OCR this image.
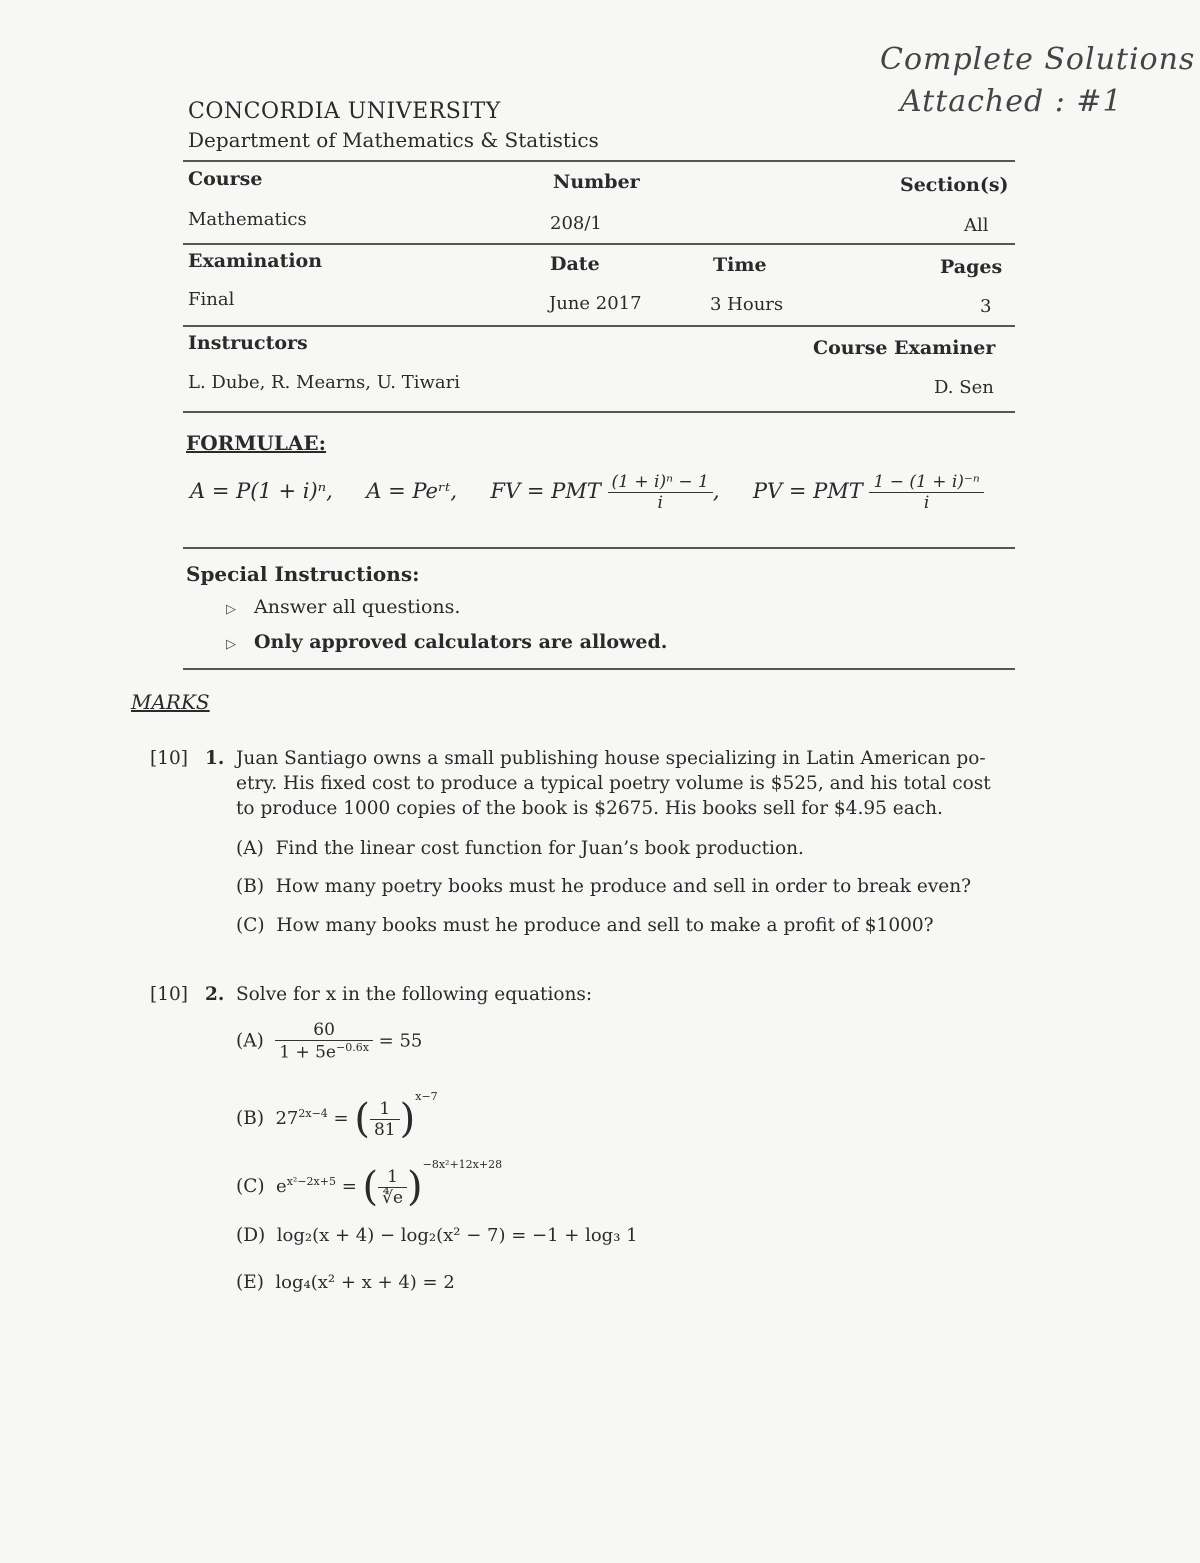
Complete Solutions
Attached : #1
CONCORDIA UNIVERSITY
Department of Mathematics & Statistics
Course	Number	Section(s)
Mathematics	208/1	All
Examination	Date	Time	Pages
Final	June 2017	3 Hours	3
Instructors	Course Examiner
L. Dube, R. Mearns, U. Tiwari	D. Sen
FORMULAE:
A = P(1 + i)ⁿ, A = Peʳᵗ, FV = PMT $\frac{\text{(1 + i)ⁿ − 1}}{i}$ ,     PV = PMT $\frac{\text{1 − (1 + i)⁻ⁿ}}{i}$
Special Instructions:
▷ Answer all questions.
▷ Only approved calculators are allowed.
MARKS
[10] 1. Juan Santiago owns a small publishing house specializing in Latin American po-
etry. His fixed cost to produce a typical poetry volume is $525, and his total cost
to produce 1000 copies of the book is $2675. His books sell for $4.95 each.
(A) Find the linear cost function for Juan’s book production.
(B) How many poetry books must he produce and sell in order to break even?
(C) How many books must he produce and sell to make a profit of $1000?
[10] 2. Solve for x in the following equations:
$(A) \frac{60}{1 + 5e^{-0.6x}} = 55$
(B) $27^{2x-4}$ = ( $\frac{1}{81} )^{x-7}$
(C) $e^{x^2-2x+5}$ = ( $\frac{1}{∜e} )^{-8x^2+12x+28}$
(D) log₂(x + 4) − log₂(x² − 7) = −1 + log₃ 1
(E) log₄(x² + x + 4) = 2
